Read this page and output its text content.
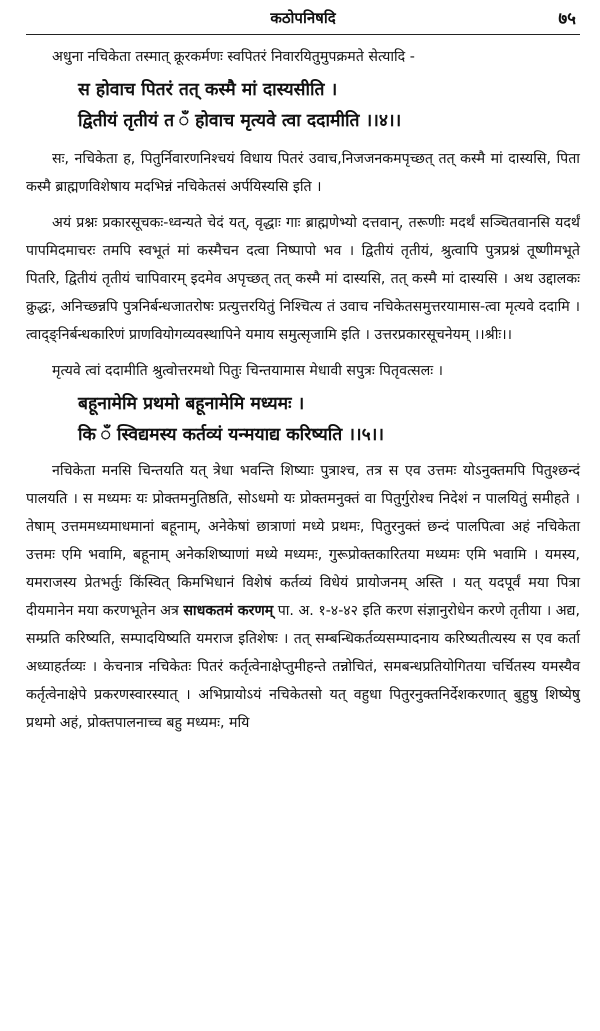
कठोपनिषदि	७५

अधुना नचिकेता तस्मात् क्रूरकर्मणः स्वपितरं निवारयितुमुपक्रमते सेत्यादि -

स होवाच पितरं तत् कस्मै मां दास्यसीति ।

द्वितीयं तृतीयं त ँ होवाच मृत्यवे त्वा ददामीति ।।४।।

सः, नचिकेता ह, पितुर्निवारणनिश्चयं विधाय पितरं उवाच,निजजनकमपृच्छत् तत् कस्मै मां दास्यसि, पिता कस्मै ब्राह्मणविशेषाय मदभिन्नं नचिकेतसं अर्पयिस्यसि इति ।

अयं प्रश्नः प्रकारसूचकः-ध्वन्यते चेदं यत्, वृद्धाः गाः ब्राह्मणेभ्यो दत्तवान्, तरूणीः मदर्थं सञ्चितवानसि यदर्थं पापमिदमाचरः तमपि स्वभूतं मां कस्मैचन दत्वा निष्पापो भव । द्वितीयं तृतीयं, श्रुत्वापि पुत्रप्रश्नं तूष्णीमभूते पितरि, द्वितीयं तृतीयं चापिवारम् इदमेव अपृच्छत् तत् कस्मै मां दास्यसि, तत् कस्मै मां दास्यसि । अथ उद्दालकः क्रुद्धः, अनिच्छन्नपि पुत्रनिर्बन्धजातरोषः प्रत्युत्तरयितुं निश्चित्य तं उवाच नचिकेतसमुत्तरयामास-त्वा मृत्यवे ददामि । त्वाद्ङ्निर्बन्धकारिणं प्राणवियोगव्यवस्थापिने यमाय समुत्सृजामि इति । उत्तरप्रकारसूचनेयम् ।।श्रीः।।

मृत्यवे त्वां ददामीति श्रुत्वोत्तरमथो पितुः चिन्तयामास मेधावी सपुत्रः पितृवत्सलः ।

बहूनामेमि प्रथमो बहूनामेमि मध्यमः ।

कि ँ स्विद्यमस्य कर्तव्यं यन्मयाद्य करिष्यति ।।५।।

नचिकेता मनसि चिन्तयति यत् त्रेधा भवन्ति शिष्याः पुत्राश्च, तत्र स एव उत्तमः योऽनुक्तमपि पितुश्छन्दं पालयति । स मध्यमः यः प्रोक्तमनुतिष्ठति, सोऽधमो यः प्रोक्तमनुक्तं वा पितुर्गुरोश्च निदेशं न पालयितुं समीहते । तेषाम् उत्तममध्यमाधमानां बहूनाम्, अनेकेषां छात्राणां मध्ये प्रथमः, पितुरनुक्तं छन्दं पालपित्वा अहं नचिकेता उत्तमः एमि भवामि, बहूनाम् अनेकशिष्याणां मध्ये मध्यमः, गुरूप्रोक्तकारितया मध्यमः एमि भवामि । यमस्य, यमराजस्य प्रेतभर्तुः किंस्वित् किमभिधानं विशेषं कर्तव्यं विधेयं प्रायोजनम् अस्ति । यत् यदपूर्वं मया पित्रा दीयमानेन मया करणभूतेन अत्र साधकतमं करणम् पा. अ. १-४-४२ इति करण संज्ञानुरोधेन करणे तृतीया । अद्य, सम्प्रति करिष्यति, सम्पादयिष्यति यमराज इतिशेषः । तत् सम्बन्धिकर्तव्यसम्पादनाय करिष्यतीत्यस्य स एव कर्ता अध्याहर्तव्यः । केचनात्र नचिकेतः पितरं कर्तृत्वेनाक्षेप्तुमीहन्ते तन्नोचितं, समबन्धप्रतियोगितया चर्चितस्य यमस्यैव कर्तृत्वेनाक्षेपे प्रकरणस्वारस्यात् । अभिप्रायोऽयं नचिकेतसो यत् वहुधा पितुरनुक्तनिर्देशकरणात् बुहुषु शिष्येषु प्रथमो अहं, प्रोक्तपालनाच्च बहु मध्यमः, मयि
